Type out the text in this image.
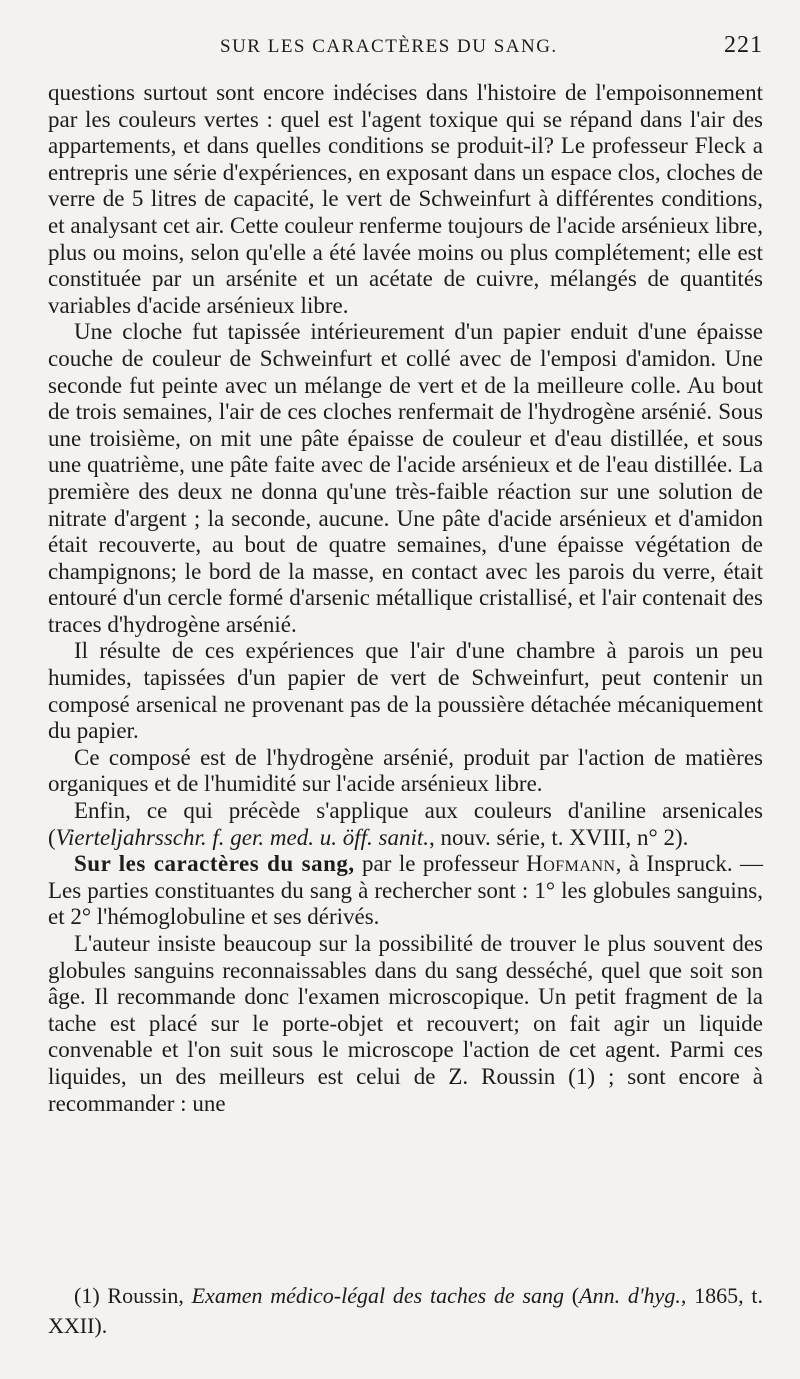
SUR LES CARACTÈRES DU SANG.	221

questions surtout sont encore indécises dans l'histoire de l'empoisonnement par les couleurs vertes : quel est l'agent toxique qui se répand dans l'air des appartements, et dans quelles conditions se produit-il? Le professeur Fleck a entrepris une série d'expériences, en exposant dans un espace clos, cloches de verre de 5 litres de capacité, le vert de Schweinfurt à différentes conditions, et analysant cet air. Cette couleur renferme toujours de l'acide arsénieux libre, plus ou moins, selon qu'elle a été lavée moins ou plus complétement; elle est constituée par un arsénite et un acétate de cuivre, mélangés de quantités variables d'acide arsénieux libre.

Une cloche fut tapissée intérieurement d'un papier enduit d'une épaisse couche de couleur de Schweinfurt et collé avec de l'emposi d'amidon. Une seconde fut peinte avec un mélange de vert et de la meilleure colle. Au bout de trois semaines, l'air de ces cloches renfermait de l'hydrogène arsénié. Sous une troisième, on mit une pâte épaisse de couleur et d'eau distillée, et sous une quatrième, une pâte faite avec de l'acide arsénieux et de l'eau distillée. La première des deux ne donna qu'une très-faible réaction sur une solution de nitrate d'argent ; la seconde, aucune. Une pâte d'acide arsénieux et d'amidon était recouverte, au bout de quatre semaines, d'une épaisse végétation de champignons; le bord de la masse, en contact avec les parois du verre, était entouré d'un cercle formé d'arsenic métallique cristallisé, et l'air contenait des traces d'hydrogène arsénié.

Il résulte de ces expériences que l'air d'une chambre à parois un peu humides, tapissées d'un papier de vert de Schweinfurt, peut contenir un composé arsenical ne provenant pas de la poussière détachée mécaniquement du papier.

Ce composé est de l'hydrogène arsénié, produit par l'action de matières organiques et de l'humidité sur l'acide arsénieux libre.

Enfin, ce qui précède s'applique aux couleurs d'aniline arsenicales (Vierteljahrsschr. f. ger. med. u. öff. sanit., nouv. série, t. XVIII, n° 2).

Sur les caractères du sang, par le professeur Hofmann, à Inspruck. — Les parties constituantes du sang à rechercher sont : 1° les globules sanguins, et 2° l'hémoglobuline et ses dérivés.

L'auteur insiste beaucoup sur la possibilité de trouver le plus souvent des globules sanguins reconnaissables dans du sang desséché, quel que soit son âge. Il recommande donc l'examen microscopique. Un petit fragment de la tache est placé sur le porte-objet et recouvert; on fait agir un liquide convenable et l'on suit sous le microscope l'action de cet agent. Parmi ces liquides, un des meilleurs est celui de Z. Roussin (1) ; sont encore à recommander : une

(1) Roussin, Examen médico-légal des taches de sang (Ann. d'hyg., 1865, t. XXII).
